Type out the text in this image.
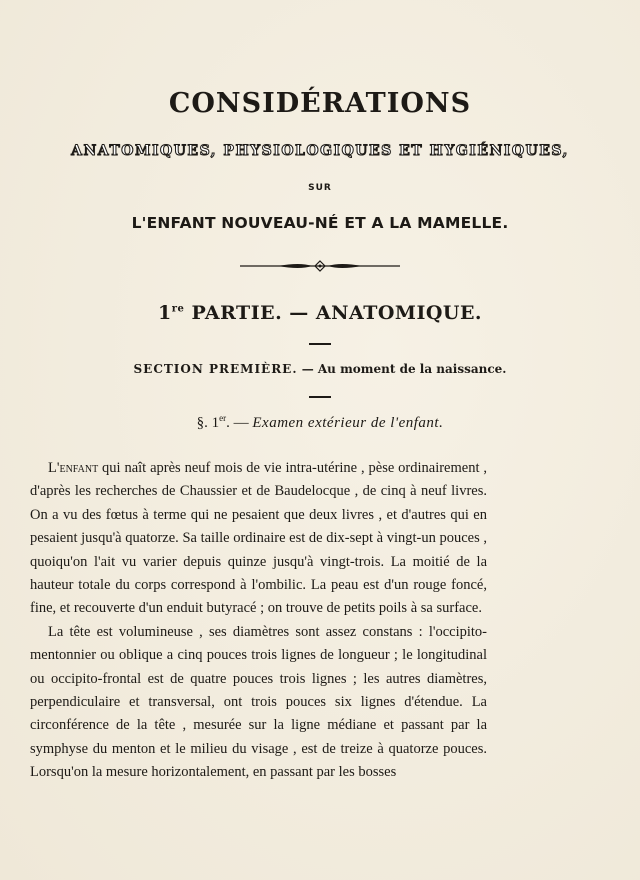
CONSIDÉRATIONS
ANATOMIQUES, PHYSIOLOGIQUES ET HYGIÉNIQUES,
SUR
L'ENFANT NOUVEAU-NÉ ET A LA MAMELLE.
1re PARTIE. — ANATOMIQUE.
SECTION PREMIÈRE. — Au moment de la naissance.
§. 1er. — Examen extérieur de l'enfant.

L'enfant qui naît après neuf mois de vie intra-utérine , pèse ordinairement , d'après les recherches de Chaussier et de Baudelocque , de cinq à neuf livres. On a vu des fœtus à terme qui ne pesaient que deux livres , et d'autres qui en pesaient jusqu'à quatorze. Sa taille ordinaire est de dix-sept à vingt-un pouces , quoiqu'on l'ait vu varier depuis quinze jusqu'à vingt-trois. La moitié de la hauteur totale du corps correspond à l'ombilic. La peau est d'un rouge foncé, fine, et recouverte d'un enduit butyracé ; on trouve de petits poils à sa surface.

La tête est volumineuse , ses diamètres sont assez constans : l'occipito-mentonnier ou oblique a cinq pouces trois lignes de longueur ; le longitudinal ou occipito-frontal est de quatre pouces trois lignes ; les autres diamètres, perpendiculaire et transversal, ont trois pouces six lignes d'étendue. La circonférence de la tête , mesurée sur la ligne médiane et passant par la symphyse du menton et le milieu du visage , est de treize à quatorze pouces. Lorsqu'on la mesure horizontalement, en passant par les bosses
